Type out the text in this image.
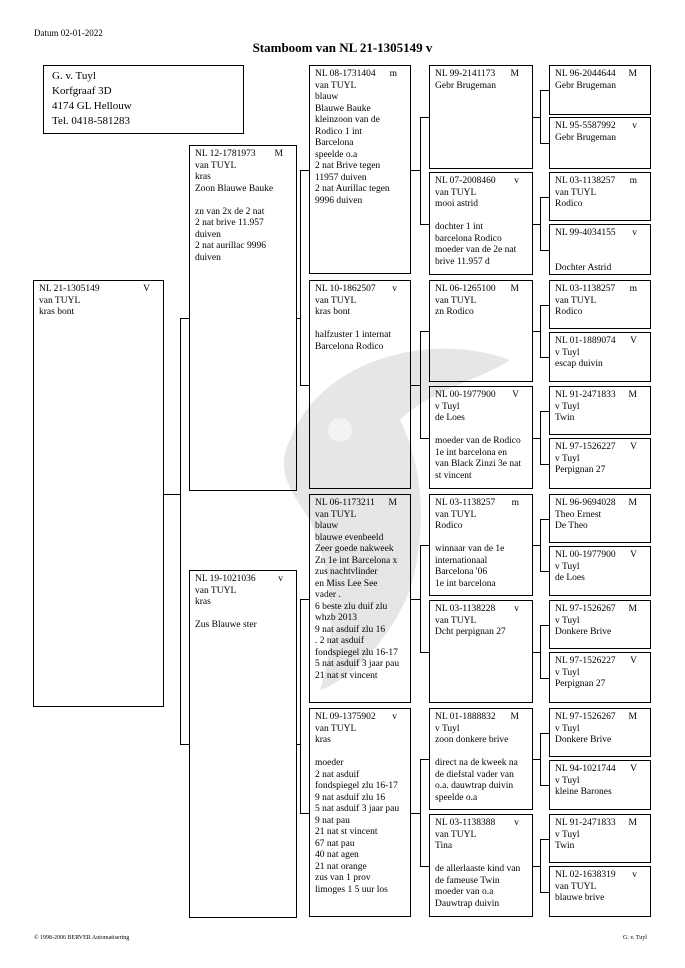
Datum 02-01-2022
Stamboom van NL 21-1305149 v
G. v. Tuyl
Korfgraaf 3D
4174 GL Hellouw
Tel. 0418-581283
NL 21-1305149	V
van TUYL
kras bont
NL 12-1781973 M
van TUYL
kras
Zoon Blauwe Bauke
zn van 2x de 2 nat
2 nat brive 11.957
duiven
2 nat aurillac 9996
duiven
NL 19-1021036 v
van TUYL
kras
Zus Blauwe ster
NL 08-1731404 m
van TUYL
blauw
Blauwe Bauke
kleinzoon van de
Rodico 1 int
Barcelona
speelde o.a
2 nat Brive tegen
11957 duiven
2 nat Aurillac tegen
9996 duiven
NL 10-1862507 v
van TUYL
kras bont
halfzuster 1 internat
Barcelona Rodico
NL 06-1173211 M
van TUYL
blauw
blauwe evenbeeld
Zeer goede nakweek
Zn 1e int Barcelona x
zus nachtvlinder
en Miss Lee See
vader .
6 beste zlu duif zlu
whzb 2013
9 nat asduif zlu 16
. 2 nat asduif
fondspiegel zlu 16-17
5 nat asduif 3 jaar pau
21 nat st vincent
NL 09-1375902 v
van TUYL
kras
moeder
2 nat asduif
fondspiegel zlu 16-17
9 nat asduif zlu 16
5 nat asduif 3 jaar pau
9 nat pau
21 nat st vincent
67 nat pau
40 nat agen
21 nat orange
zus van 1 prov
limoges 1 5 uur los
NL 99-2141173 M
Gebr Brugeman
NL 07-2008460 v
van TUYL
mooi astrid
dochter 1 int
barcelona Rodico
moeder van de 2e nat
brive 11.957 d
NL 06-1265100 M
van TUYL
zn Rodico
NL 00-1977900 V
v Tuyl
de Loes
moeder van de Rodico
1e int barcelona en
van Black Zinzi 3e nat
st vincent
NL 03-1138257 m
van TUYL
Rodico
winnaar van de 1e
internationaal
Barcelona '06
1e int barcelona
NL 03-1138228 v
van TUYL
Dcht perpignan 27
NL 01-1888832 M
v Tuyl
zoon donkere brive
direct na de kweek na
de diefstal vader van
o.a. dauwtrap duivin
speelde o.a
NL 03-1138388 v
van TUYL
Tina
de allerlaaste kind van
de fameuse Twin
moeder van o.a
Dauwtrap duivin
NL 96-2044644 M
Gebr Brugeman
NL 95-5587992 v
Gebr Brugeman
NL 03-1138257 m
van TUYL
Rodico
NL 99-4034155 v
Dochter Astrid
NL 03-1138257 m
van TUYL
Rodico
NL 01-1889074 V
v Tuyl
escap duivin
NL 91-2471833 M
v Tuyl
Twin
NL 97-1526227 V
v Tuyl
Perpignan 27
NL 96-9694028 M
Theo Ernest
De Theo
NL 00-1977900 V
v Tuyl
de Loes
NL 97-1526267 M
v Tuyl
Donkere Brive
NL 97-1526227 V
v Tuyl
Perpignan 27
NL 97-1526267 M
v Tuyl
Donkere Brive
NL 94-1021744 V
v Tuyl
kleine Barones
NL 91-2471833 M
v Tuyl
Twin
NL 02-1638319 v
van TUYL
blauwe brive
© 1998-2006 BERVER Automatisering	G. v. Tuyl
